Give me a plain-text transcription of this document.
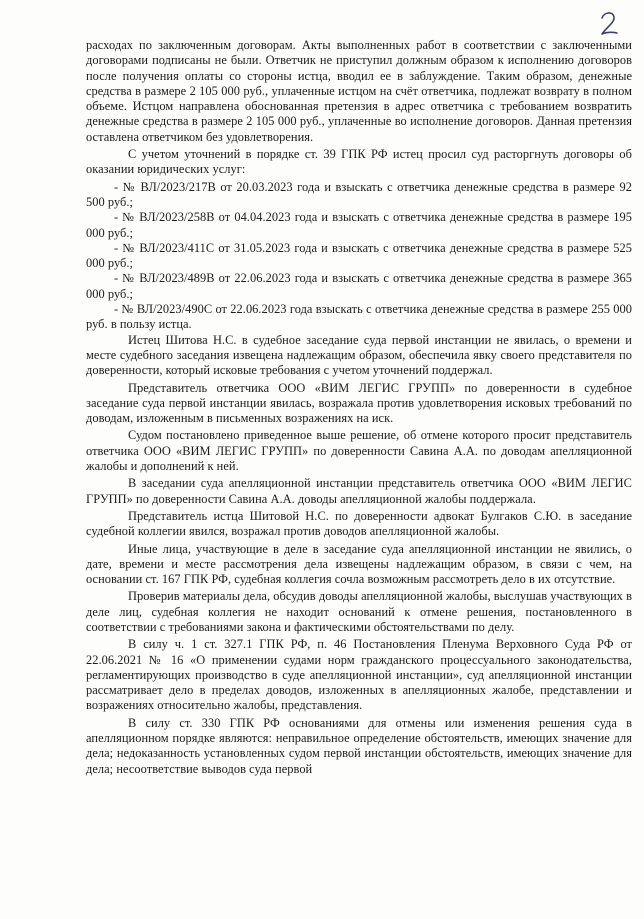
расходах по заключенным договорам. Акты выполненных работ в соответствии с заключенными договорами подписаны не были. Ответчик не приступил должным образом к исполнению договоров после получения оплаты со стороны истца, вводил ее в заблуждение. Таким образом, денежные средства в размере 2 105 000 руб., уплаченные истцом на счёт ответчика, подлежат возврату в полном объеме. Истцом направлена обоснованная претензия в адрес ответчика с требованием возвратить денежные средства в размере 2 105 000 руб., уплаченные во исполнение договоров. Данная претензия оставлена ответчиком без удовлетворения.

С учетом уточнений в порядке ст. 39 ГПК РФ истец просил суд расторгнуть договоры об оказании юридических услуг:

- № ВЛ/2023/217В от 20.03.2023 года и взыскать с ответчика денежные средства в размере 92 500 руб.;

- № ВЛ/2023/258В от 04.04.2023 года и взыскать с ответчика денежные средства в размере 195 000 руб.;

- № ВЛ/2023/411С от 31.05.2023 года и взыскать с ответчика денежные средства в размере 525 000 руб.;

- № ВЛ/2023/489В от 22.06.2023 года и взыскать с ответчика денежные средства в размере 365 000 руб.;

- № ВЛ/2023/490С от 22.06.2023 года взыскать с ответчика денежные средства в размере 255 000 руб. в пользу истца.

Истец Шитова Н.С. в судебное заседание суда первой инстанции не явилась, о времени и месте судебного заседания извещена надлежащим образом, обеспечила явку своего представителя по доверенности, который исковые требования с учетом уточнений поддержал.

Представитель ответчика ООО «ВИМ ЛЕГИС ГРУПП» по доверенности в судебное заседание суда первой инстанции явилась, возражала против удовлетворения исковых требований по доводам, изложенным в письменных возражениях на иск.

Судом постановлено приведенное выше решение, об отмене которого просит представитель ответчика ООО «ВИМ ЛЕГИС ГРУПП» по доверенности Савина А.А. по доводам апелляционной жалобы и дополнений к ней.

В заседании суда апелляционной инстанции представитель ответчика ООО «ВИМ ЛЕГИС ГРУПП» по доверенности Савина А.А. доводы апелляционной жалобы поддержала.

Представитель истца Шитовой Н.С. по доверенности адвокат Булгаков С.Ю. в заседание судебной коллегии явился, возражал против доводов апелляционной жалобы.

Иные лица, участвующие в деле в заседание суда апелляционной инстанции не явились, о дате, времени и месте рассмотрения дела извещены надлежащим образом, в связи с чем, на основании ст. 167 ГПК РФ, судебная коллегия сочла возможным рассмотреть дело в их отсутствие.

Проверив материалы дела, обсудив доводы апелляционной жалобы, выслушав участвующих в деле лиц, судебная коллегия не находит оснований к отмене решения, постановленного в соответствии с требованиями закона и фактическими обстоятельствами по делу.

В силу ч. 1 ст. 327.1 ГПК РФ, п. 46 Постановления Пленума Верховного Суда РФ от 22.06.2021 № 16 «О применении судами норм гражданского процессуального законодательства, регламентирующих производство в суде апелляционной инстанции», суд апелляционной инстанции рассматривает дело в пределах доводов, изложенных в апелляционных жалобе, представлении и возражениях относительно жалобы, представления.

В силу ст. 330 ГПК РФ основаниями для отмены или изменения решения суда в апелляционном порядке являются: неправильное определение обстоятельств, имеющих значение для дела; недоказанность установленных судом первой инстанции обстоятельств, имеющих значение для дела; несоответствие выводов суда первой
